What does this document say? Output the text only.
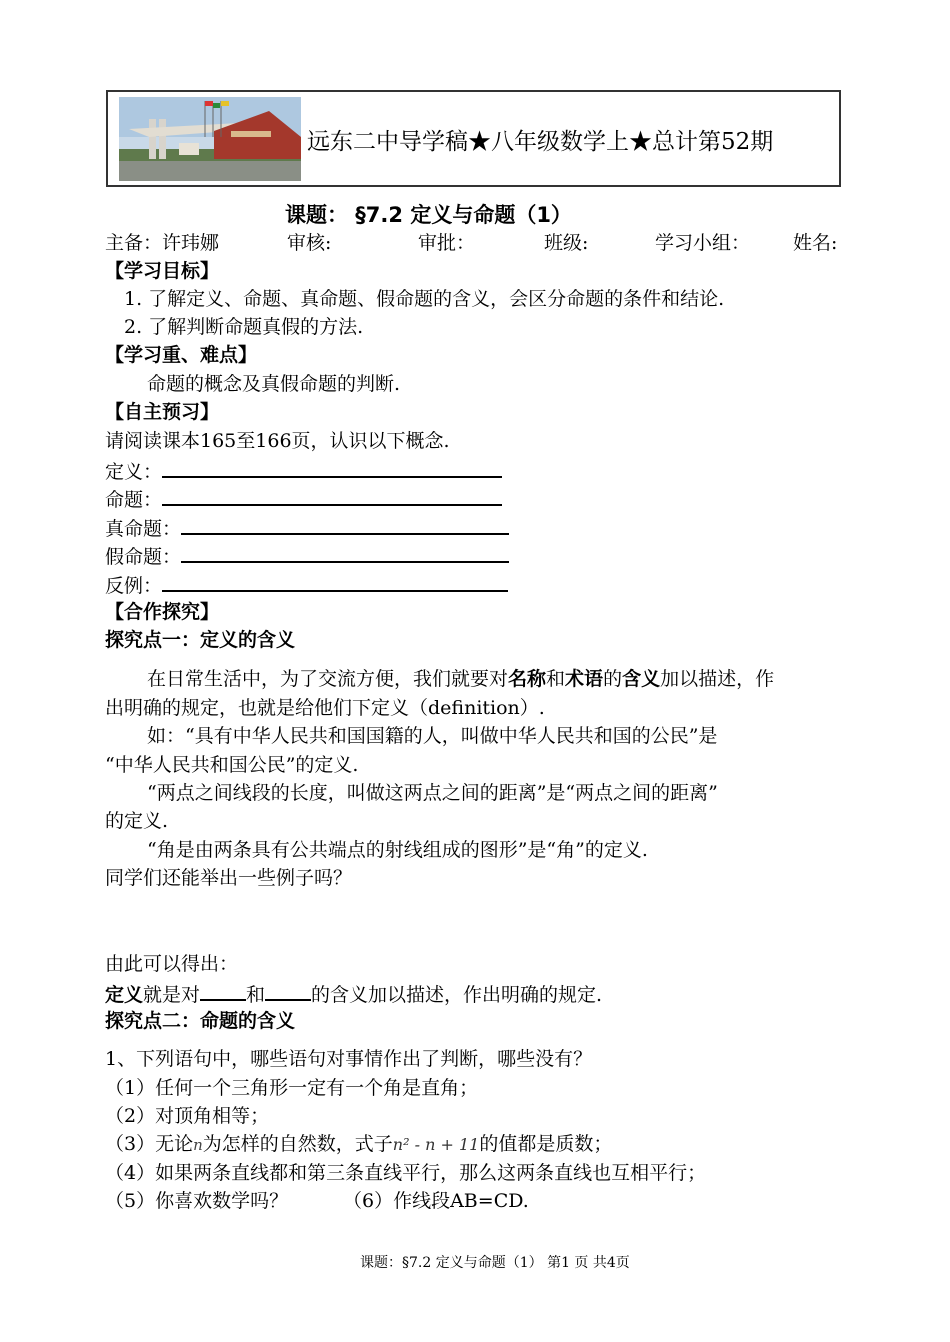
远东二中导学稿★八年级数学上★总计第52期
课题： §7.2 定义与命题（1）
主备：许玮娜	审核:	审批：	班级:	学习小组： 姓名:
【学习目标】
1. 了解定义、命题、真命题、假命题的含义，会区分命题的条件和结论.
2. 了解判断命题真假的方法.
【学习重、难点】
命题的概念及真假命题的判断.
【自主预习】
请阅读课本165至166页，认识以下概念.
定义：
命题：
真命题：
假命题：
反例：
【合作探究】
探究点一：定义的含义
在日常生活中，为了交流方便，我们就要对名称和术语的含义加以描述，作
出明确的规定，也就是给他们下定义（definition）.
如：“具有中华人民共和国国籍的人，叫做中华人民共和国的公民”是
“中华人民共和国公民”的定义.
“两点之间线段的长度，叫做这两点之间的距离”是“两点之间的距离”
的定义.
“角是由两条具有公共端点的射线组成的图形”是“角”的定义.
同学们还能举出一些例子吗？
由此可以得出：
定义就是对 和 的含义加以描述，作出明确的规定.
探究点二：命题的含义
1、下列语句中，哪些语句对事情作出了判断，哪些没有？
（1）任何一个三角形一定有一个角是直角；
（2）对顶角相等；
（3）无论n为怎样的自然数，式子n² - n + 11的值都是质数；
（4）如果两条直线都和第三条直线平行，那么这两条直线也互相平行；
（5）你喜欢数学吗？	（6）作线段AB=CD.
课题：§7.2 定义与命题（1） 第1 页 共4页
